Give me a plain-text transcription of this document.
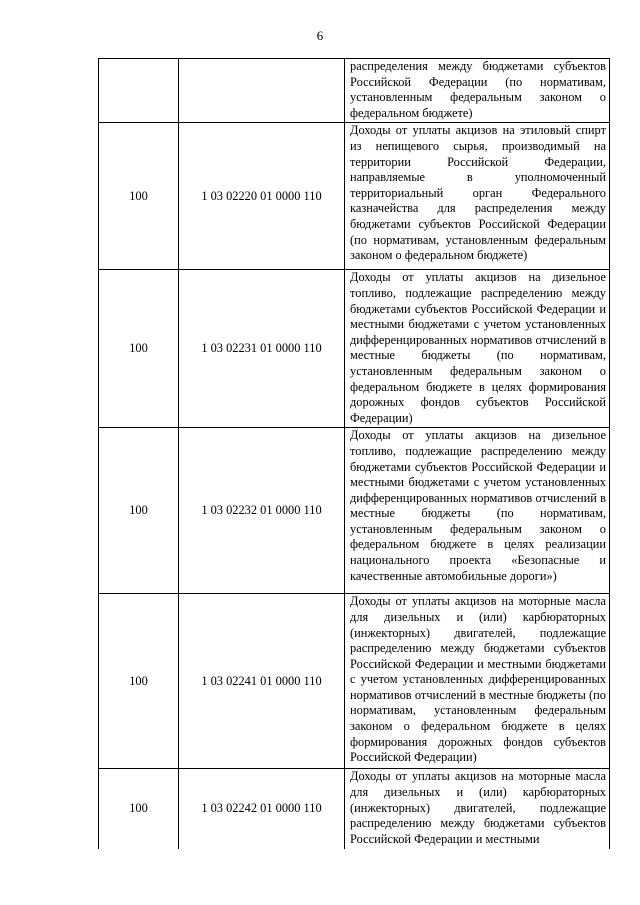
6

		распределения между бюджетами субъектов Российской Федерации (по нормативам, установленным федеральным законом о федеральном бюджете)

100	1 03 02220 01 0000 110	Доходы от уплаты акцизов на этиловый спирт из непищевого сырья, производимый на территории Российской Федерации, направляемые в уполномоченный территориальный орган Федерального казначейства для распределения между бюджетами субъектов Российской Федерации (по нормативам, установленным федеральным законом о федеральном бюджете)

100	1 03 02231 01 0000 110	Доходы от уплаты акцизов на дизельное топливо, подлежащие распределению между бюджетами субъектов Российской Федерации и местными бюджетами с учетом установленных дифференцированных нормативов отчислений в местные бюджеты (по нормативам, установленным федеральным законом о федеральном бюджете в целях формирования дорожных фондов субъектов Российской Федерации)

100	1 03 02232 01 0000 110	Доходы от уплаты акцизов на дизельное топливо, подлежащие распределению между бюджетами субъектов Российской Федерации и местными бюджетами с учетом установленных дифференцированных нормативов отчислений в местные бюджеты (по нормативам, установленным федеральным законом о федеральном бюджете в целях реализации национального проекта «Безопасные и качественные автомобильные дороги»)

100	1 03 02241 01 0000 110	Доходы от уплаты акцизов на моторные масла для дизельных и (или) карбюраторных (инжекторных) двигателей, подлежащие распределению между бюджетами субъектов Российской Федерации и местными бюджетами с учетом установленных дифференцированных нормативов отчислений в местные бюджеты (по нормативам, установленным федеральным законом о федеральном бюджете в целях формирования дорожных фондов субъектов Российской Федерации)

100	1 03 02242 01 0000 110	Доходы от уплаты акцизов на моторные масла для дизельных и (или) карбюраторных (инжекторных) двигателей, подлежащие распределению между бюджетами субъектов Российской Федерации и местными
